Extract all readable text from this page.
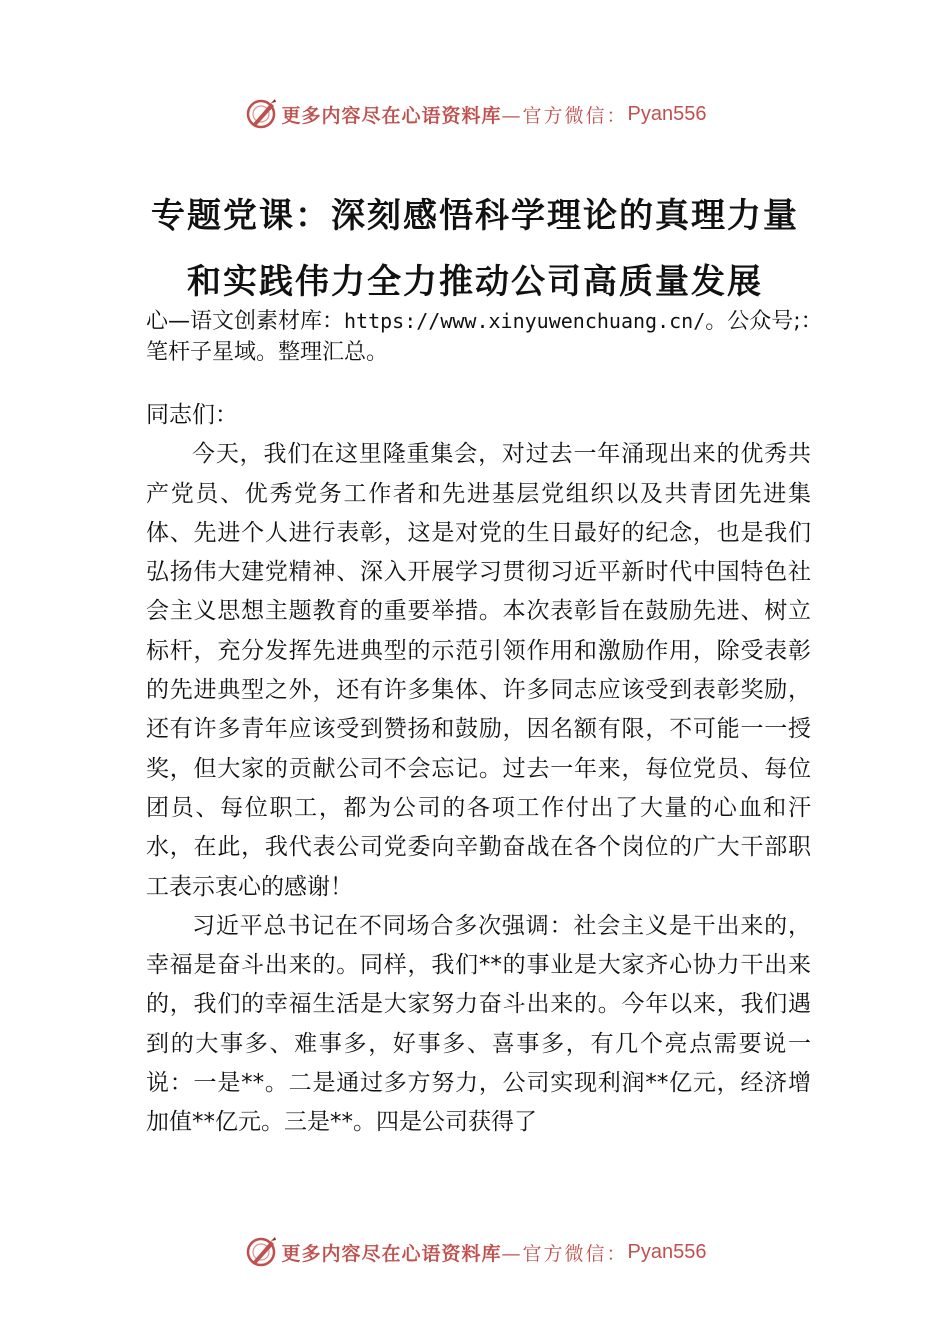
更多内容尽在心语资料库 —官方微信： Pyan556
专题党课：深刻感悟科学理论的真理力量
和实践伟力全力推动公司高质量发展
心—语文创素材库：https://www.xinyuwenchuang.cn/。公众号;：笔杆子星域。整理汇总。

同志们：

今天，我们在这里隆重集会，对过去一年涌现出来的优秀共产党员、优秀党务工作者和先进基层党组织以及共青团先进集体、先进个人进行表彰，这是对党的生日最好的纪念，也是我们弘扬伟大建党精神、深入开展学习贯彻习近平新时代中国特色社会主义思想主题教育的重要举措。本次表彰旨在鼓励先进、树立标杆，充分发挥先进典型的示范引领作用和激励作用，除受表彰的先进典型之外，还有许多集体、许多同志应该受到表彰奖励，还有许多青年应该受到赞扬和鼓励，因名额有限，不可能一一授奖，但大家的贡献公司不会忘记。过去一年来，每位党员、每位团员、每位职工，都为公司的各项工作付出了大量的心血和汗水，在此，我代表公司党委向辛勤奋战在各个岗位的广大干部职工表示衷心的感谢！

习近平总书记在不同场合多次强调：社会主义是干出来的，幸福是奋斗出来的。同样，我们**的事业是大家齐心协力干出来的，我们的幸福生活是大家努力奋斗出来的。今年以来，我们遇到的大事多、难事多，好事多、喜事多，有几个亮点需要说一说：一是**。二是通过多方努力，公司实现利润**亿元，经济增加值**亿元。三是**。四是公司获得了

更多内容尽在心语资料库 —官方微信： Pyan556
